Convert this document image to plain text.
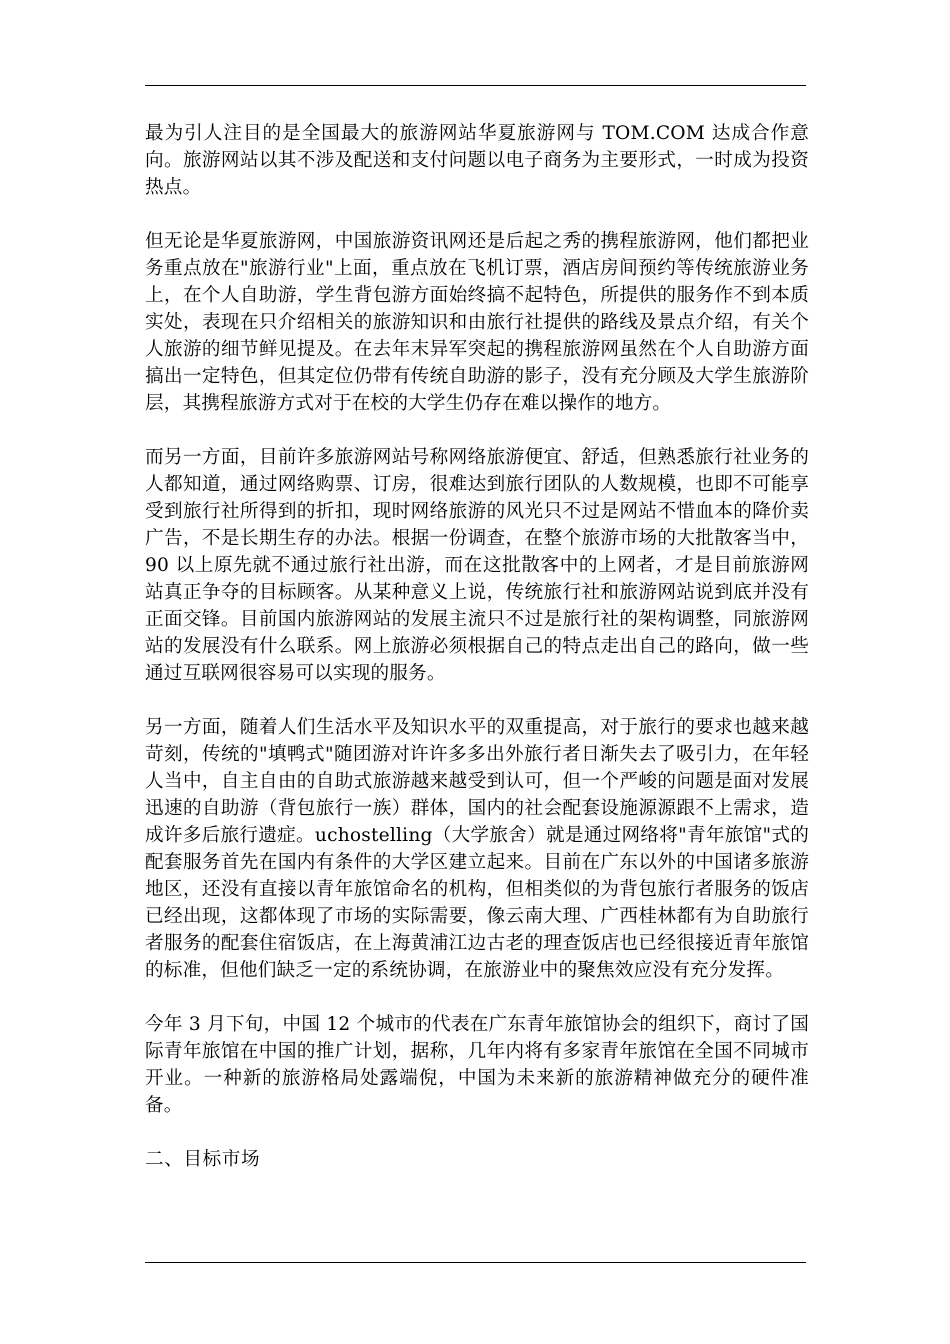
最为引人注目的是全国最大的旅游网站华夏旅游网与 TOM.COM 达成合作意向。旅游网站以其不涉及配送和支付问题以电子商务为主要形式，一时成为投资热点。

但无论是华夏旅游网，中国旅游资讯网还是后起之秀的携程旅游网，他们都把业务重点放在"旅游行业"上面，重点放在飞机订票，酒店房间预约等传统旅游业务上，在个人自助游，学生背包游方面始终搞不起特色，所提供的服务作不到本质实处，表现在只介绍相关的旅游知识和由旅行社提供的路线及景点介绍，有关个人旅游的细节鲜见提及。在去年末异军突起的携程旅游网虽然在个人自助游方面搞出一定特色，但其定位仍带有传统自助游的影子，没有充分顾及大学生旅游阶层，其携程旅游方式对于在校的大学生仍存在难以操作的地方。

而另一方面，目前许多旅游网站号称网络旅游便宜、舒适，但熟悉旅行社业务的人都知道，通过网络购票、订房，很难达到旅行团队的人数规模，也即不可能享受到旅行社所得到的折扣，现时网络旅游的风光只不过是网站不惜血本的降价卖广告，不是长期生存的办法。根据一份调查，在整个旅游市场的大批散客当中，90 以上原先就不通过旅行社出游，而在这批散客中的上网者，才是目前旅游网站真正争夺的目标顾客。从某种意义上说，传统旅行社和旅游网站说到底并没有正面交锋。目前国内旅游网站的发展主流只不过是旅行社的架构调整，同旅游网站的发展没有什么联系。网上旅游必须根据自己的特点走出自己的路向，做一些通过互联网很容易可以实现的服务。

另一方面，随着人们生活水平及知识水平的双重提高，对于旅行的要求也越来越苛刻，传统的"填鸭式"随团游对许许多多出外旅行者日渐失去了吸引力，在年轻人当中，自主自由的自助式旅游越来越受到认可，但一个严峻的问题是面对发展迅速的自助游（背包旅行一族）群体，国内的社会配套设施源源跟不上需求，造成许多后旅行遗症。uchostelling（大学旅舍）就是通过网络将"青年旅馆"式的配套服务首先在国内有条件的大学区建立起来。目前在广东以外的中国诸多旅游地区，还没有直接以青年旅馆命名的机构，但相类似的为背包旅行者服务的饭店已经出现，这都体现了市场的实际需要，像云南大理、广西桂林都有为自助旅行者服务的配套住宿饭店，在上海黄浦江边古老的理查饭店也已经很接近青年旅馆的标准，但他们缺乏一定的系统协调，在旅游业中的聚焦效应没有充分发挥。

今年 3 月下旬，中国 12 个城市的代表在广东青年旅馆协会的组织下，商讨了国际青年旅馆在中国的推广计划，据称，几年内将有多家青年旅馆在全国不同城市开业。一种新的旅游格局处露端倪，中国为未来新的旅游精神做充分的硬件准备。

二、目标市场
